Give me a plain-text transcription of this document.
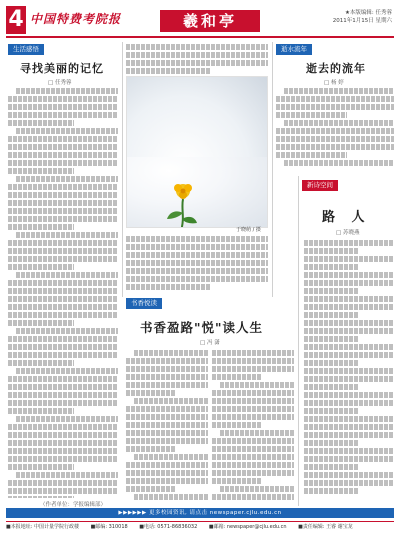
4 中国特费考院报	羲和亭	★本版编辑: 任秀蓉
2011年1月15日 星期六
生活感悟
寻找美丽的记忆
□ 任秀蓉
（作者单位：学报编辑部）
于晓萌 / 摄
逝水流年
逝去的流年
□ 杨 婷
新诗空间
路 人
□ 苏晓燕
书香悦读
书香盈路"悦"读人生
□ 冯 潇
▶▶▶▶▶▶ 更多校园资讯, 请点击 newspaper.cjlu.edu.cn
■本报地址: 中国计量学院行政楼 ■邮编: 310018 ■电话: 0571-86836032 ■邮箱: newspaper@cjlu.edu.cn ■责任编辑: 王睿 谢宝龙
